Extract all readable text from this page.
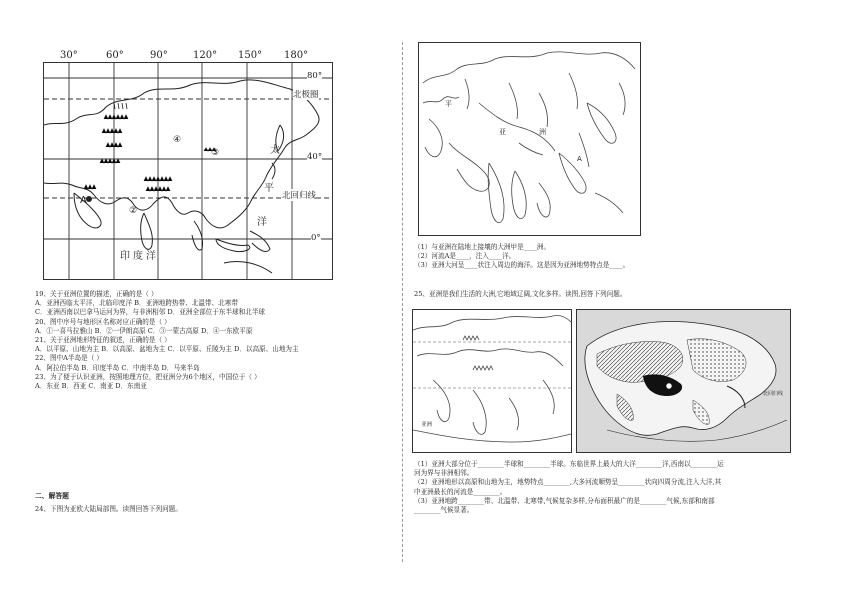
30°	60°	90°	120° 150° 180°
④
③
A
②
太
平
洋
印度洋
北极圈
北回归线
80°
40°
0°
19、关于亚洲位置的描述，正确的是（ ）
A．亚洲西临太平洋，北临印度洋 B．亚洲地跨热带、北温带、北寒带
C．亚洲西南以巴拿马运河为界，与非洲相邻 D．亚洲全部位于东半球和北半球
20、图中序号与地形区名称对应正确的是（ ）
A．①一喜马拉雅山 B．②一伊朗高原 C．③一蒙古高原 D．④一东欧平原
21、关于亚洲地形特征的叙述，正确的是（ ）
A．以平原、山地为主 B．以高原、盆地为主 C．以平原、丘陵为主 D．以高原、山地为主
22、图中A半岛是（ ）
A．阿拉伯半岛 B．印度半岛 C．中南半岛 D．马来半岛
23、为了便于认识亚洲，按照地理方位，把亚洲分为6个地区，中国位于（ ）
A．东亚 B．西亚 C．南亚 D．东南亚
二、解答题
24、下图为亚欧大陆局部图。读图回答下列问题。
平
亚	洲
A
（1）与亚洲在陆地上接壤的大洲甲是____洲。
（2）河流A是____，注入____洋。
（3）亚洲大河呈____状注入周边的海洋。这是因为亚洲地势特点是____。
25、亚洲是我们生活的大洲,它地域辽阔,文化多样。读图,回答下列问题。
亚洲
北回归线
（1）亚洲大部分位于________半球和________半球。东临世界上最大的大洋________洋,西南以________运
河为界与非洲相邻。
（2）亚洲地形以高原和山地为主，地势特点________,大多河流顺势呈________状向四周分流,注入大洋,其
中亚洲最长的河流是________。
（3）亚洲地跨________带、北温带、北寒带,气候复杂多样,分布面积最广的是________气候,东部和南部
________气候显著。
